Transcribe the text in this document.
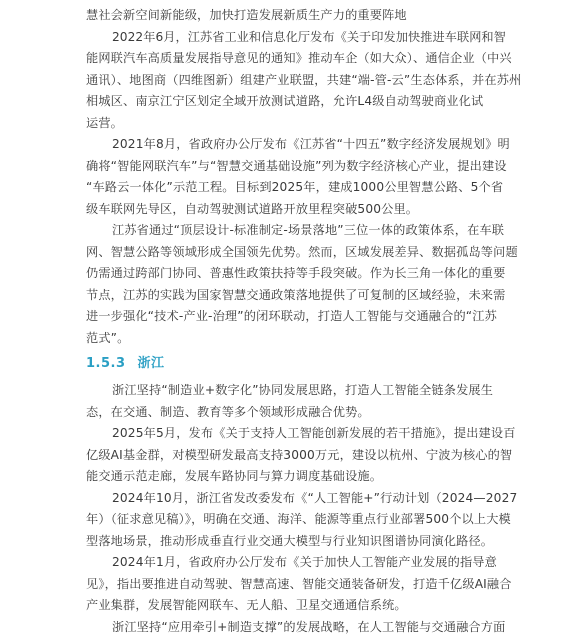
慧社会新空间新能级，加快打造发展新质生产力的重要阵地
2022年6月，江苏省工业和信息化厅发布《关于印发加快推进车联网和智
能网联汽车高质量发展指导意见的通知》推动车企（如大众）、通信企业（中兴
通讯）、地图商（四维图新）组建产业联盟，共建“端-管-云”生态体系，并在苏州
相城区、南京江宁区划定全域开放测试道路，允许L4级自动驾驶商业化试
运营。
2021年8月，省政府办公厅发布《江苏省“十四五”数字经济发展规划》明
确将“智能网联汽车”与“智慧交通基础设施”列为数字经济核心产业，提出建设
“车路云一体化”示范工程。目标到2025年，建成1000公里智慧公路、5个省
级车联网先导区，自动驾驶测试道路开放里程突破500公里。
江苏省通过“顶层设计-标准制定-场景落地”三位一体的政策体系，在车联
网、智慧公路等领域形成全国领先优势。然而，区域发展差异、数据孤岛等问题
仍需通过跨部门协同、普惠性政策扶持等手段突破。作为长三角一体化的重要
节点，江苏的实践为国家智慧交通政策落地提供了可复制的区域经验，未来需
进一步强化“技术-产业-治理”的闭环联动，打造人工智能与交通融合的“江苏
范式”。
1.5.3 浙江
浙江坚持“制造业+数字化”协同发展思路，打造人工智能全链条发展生
态，在交通、制造、教育等多个领域形成融合优势。
2025年5月，发布《关于支持人工智能创新发展的若干措施》，提出建设百
亿级AI基金群，对模型研发最高支持3000万元，建设以杭州、宁波为核心的智
能交通示范走廊，发展车路协同与算力调度基础设施。
2024年10月，浙江省发改委发布《“人工智能+”行动计划（2024—2027
年）（征求意见稿）》，明确在交通、海洋、能源等重点行业部署500个以上大模
型落地场景，推动形成垂直行业交通大模型与行业知识图谱协同演化路径。
2024年1月，省政府办公厅发布《关于加快人工智能产业发展的指导意
见》，指出要推进自动驾驶、智慧高速、智能交通装备研发，打造千亿级AI融合
产业集群，发展智能网联车、无人船、卫星交通通信系统。
浙江坚持“应用牵引+制造支撑”的发展战略，在人工智能与交通融合方面
